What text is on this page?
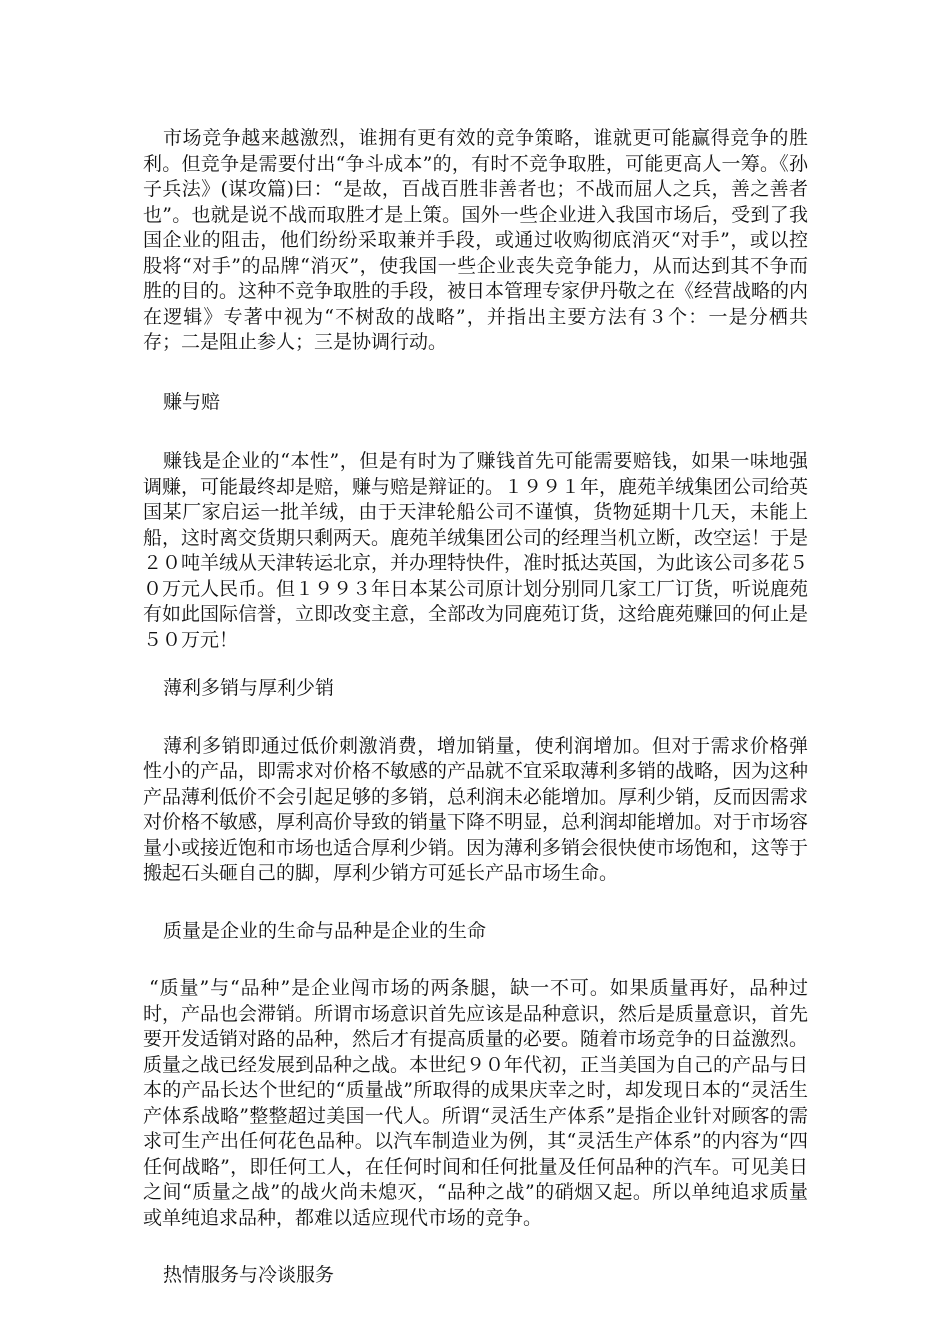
市场竞争越来越激烈，谁拥有更有效的竞争策略，谁就更可能赢得竞争的胜利。但竞争是需要付出“争斗成本”的，有时不竞争取胜，可能更高人一筹。《孙子兵法》(谋攻篇)曰：“是故，百战百胜非善者也；不战而屈人之兵，善之善者也”。也就是说不战而取胜才是上策。国外一些企业进入我国市场后，受到了我国企业的阻击，他们纷纷采取兼并手段，或通过收购彻底消灭“对手”，或以控股将“对手”的品牌“消灭”，使我国一些企业丧失竞争能力，从而达到其不争而胜的目的。这种不竞争取胜的手段，被日本管理专家伊丹敬之在《经营战略的内在逻辑》专著中视为“不树敌的战略”，并指出主要方法有３个：一是分栖共存；二是阻止参人；三是协调行动。

赚与赔

赚钱是企业的“本性”，但是有时为了赚钱首先可能需要赔钱，如果一味地强调赚，可能最终却是赔，赚与赔是辩证的。１９９１年，鹿苑羊绒集团公司给英国某厂家启运一批羊绒，由于天津轮船公司不谨慎，货物延期十几天，未能上船，这时离交货期只剩两天。鹿苑羊绒集团公司的经理当机立断，改空运！于是２０吨羊绒从天津转运北京，并办理特快件，准时抵达英国，为此该公司多花５０万元人民币。但１９９３年日本某公司原计划分别同几家工厂订货，听说鹿苑有如此国际信誉，立即改变主意，全部改为同鹿苑订货，这给鹿苑赚回的何止是５０万元！

薄利多销与厚利少销

薄利多销即通过低价刺激消费，增加销量，使利润增加。但对于需求价格弹性小的产品，即需求对价格不敏感的产品就不宜采取薄利多销的战略，因为这种产品薄利低价不会引起足够的多销，总利润未必能增加。厚利少销，反而因需求对价格不敏感，厚利高价导致的销量下降不明显，总利润却能增加。对于市场容量小或接近饱和市场也适合厚利少销。因为薄利多销会很快使市场饱和，这等于搬起石头砸自己的脚，厚利少销方可延长产品市场生命。

质量是企业的生命与品种是企业的生命

“质量”与“品种”是企业闯市场的两条腿，缺一不可。如果质量再好，品种过时，产品也会滞销。所谓市场意识首先应该是品种意识，然后是质量意识，首先要开发适销对路的品种，然后才有提高质量的必要。随着市场竞争的日益激烈。质量之战已经发展到品种之战。本世纪９０年代初，正当美国为自己的产品与日本的产品长达个世纪的“质量战”所取得的成果庆幸之时，却发现日本的“灵活生产体系战略”整整超过美国一代人。所谓“灵活生产体系”是指企业针对顾客的需求可生产出任何花色品种。以汽车制造业为例，其“灵活生产体系”的内容为“四任何战略”，即任何工人，在任何时间和任何批量及任何品种的汽车。可见美日之间“质量之战”的战火尚未熄灭，“品种之战”的硝烟又起。所以单纯追求质量或单纯追求品种，都难以适应现代市场的竞争。

热情服务与冷谈服务
